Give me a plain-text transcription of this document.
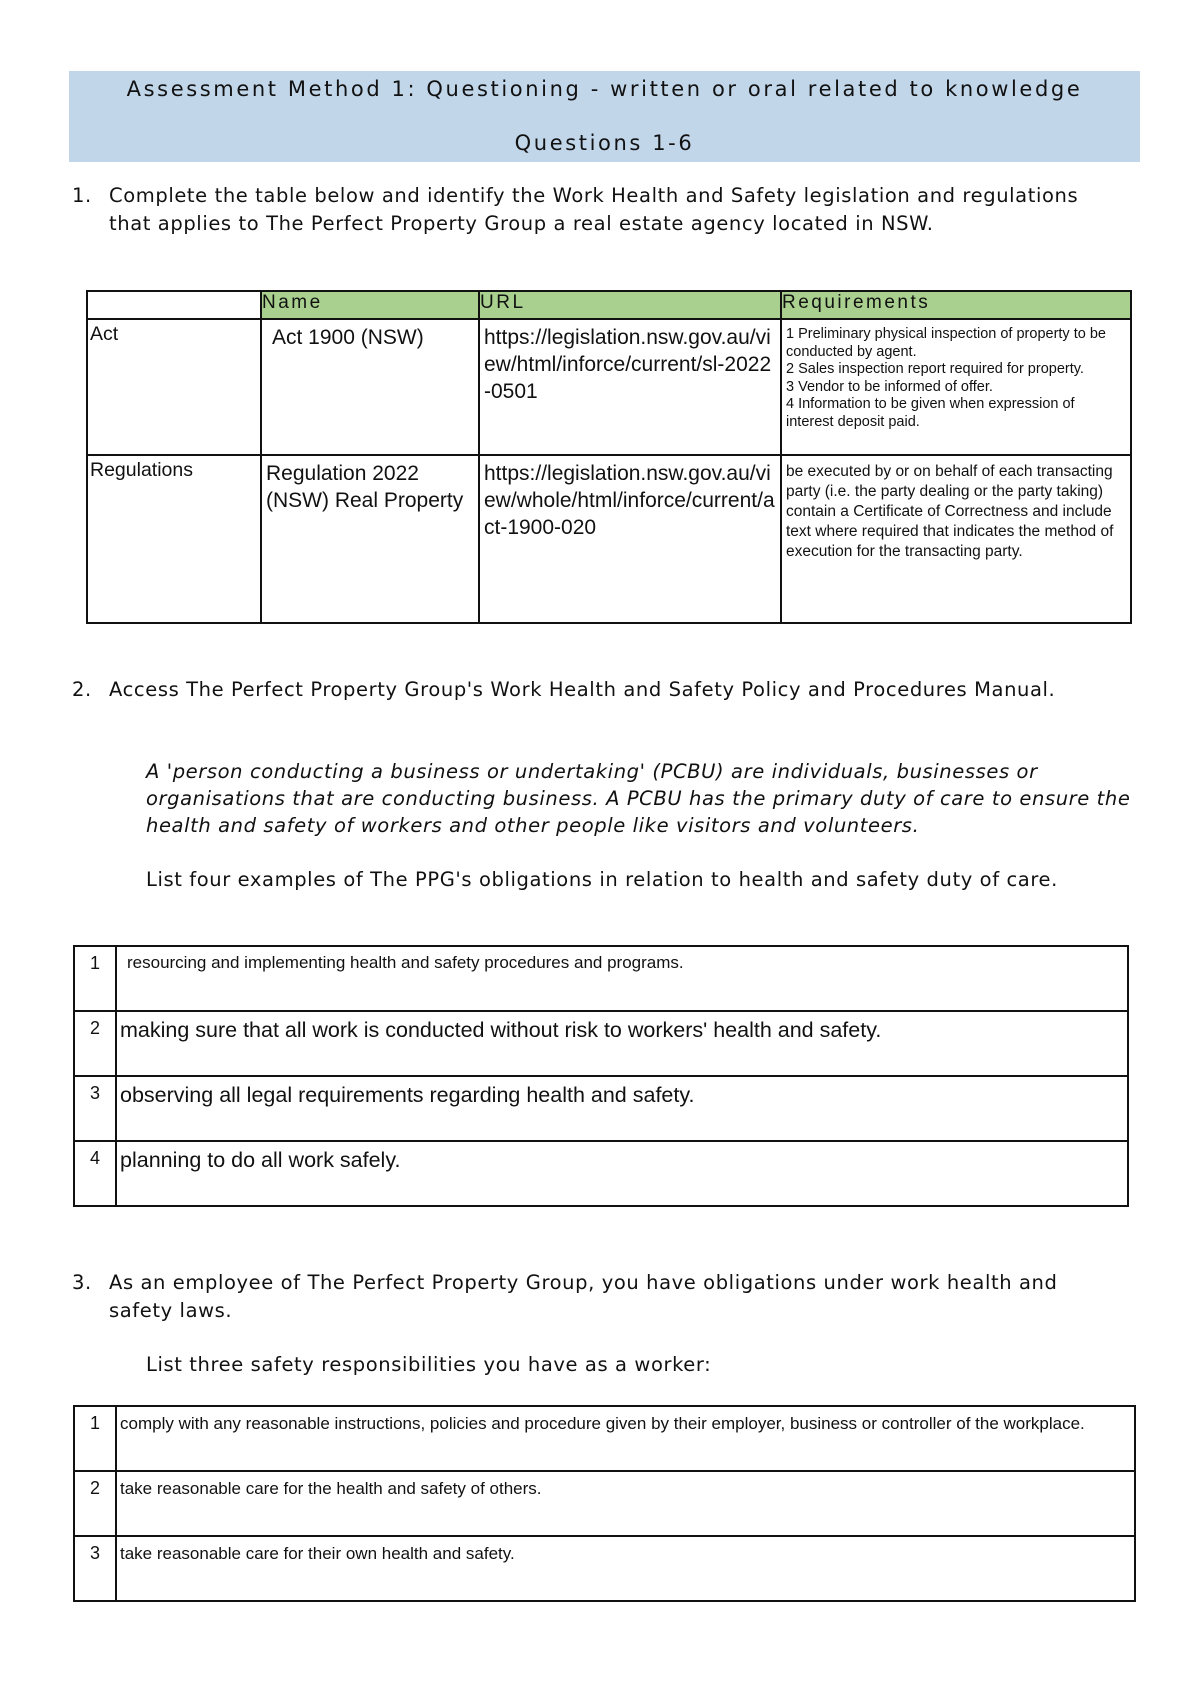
Assessment Method 1: Questioning - written or oral related to knowledge
Questions 1-6
1. Complete the table below and identify the Work Health and Safety legislation and regulations that applies to The Perfect Property Group a real estate agency located in NSW.
	Name	URL	Requirements
Act	Act 1900 (NSW)	https://legislation.nsw.gov.au/view/html/inforce/current/sl-2022-0501	1 Preliminary physical inspection of property to be conducted by agent.
2 Sales inspection report required for property.
3 Vendor to be informed of offer.
4 Information to be given when expression of interest deposit paid.

Regulations	Regulation 2022 (NSW) Real Property	https://legislation.nsw.gov.au/view/whole/html/inforce/current/act-1900-020	be executed by or on behalf of each transacting party (i.e. the party dealing or the party taking)
contain a Certificate of Correctness and include text where required that indicates the method of execution for the transacting party.
2. Access The Perfect Property Group's Work Health and Safety Policy and Procedures Manual.
A 'person conducting a business or undertaking' (PCBU) are individuals, businesses or organisations that are conducting business. A PCBU has the primary duty of care to ensure the health and safety of workers and other people like visitors and volunteers.
List four examples of The PPG's obligations in relation to health and safety duty of care.
1	resourcing and implementing health and safety procedures and programs.
2	making sure that all work is conducted without risk to workers' health and safety.
3	observing all legal requirements regarding health and safety.
4	planning to do all work safely.
3. As an employee of The Perfect Property Group, you have obligations under work health and safety laws.
List three safety responsibilities you have as a worker:
1	comply with any reasonable instructions, policies and procedure given by their employer, business or controller of the workplace.
2	take reasonable care for the health and safety of others.
3	take reasonable care for their own health and safety.
